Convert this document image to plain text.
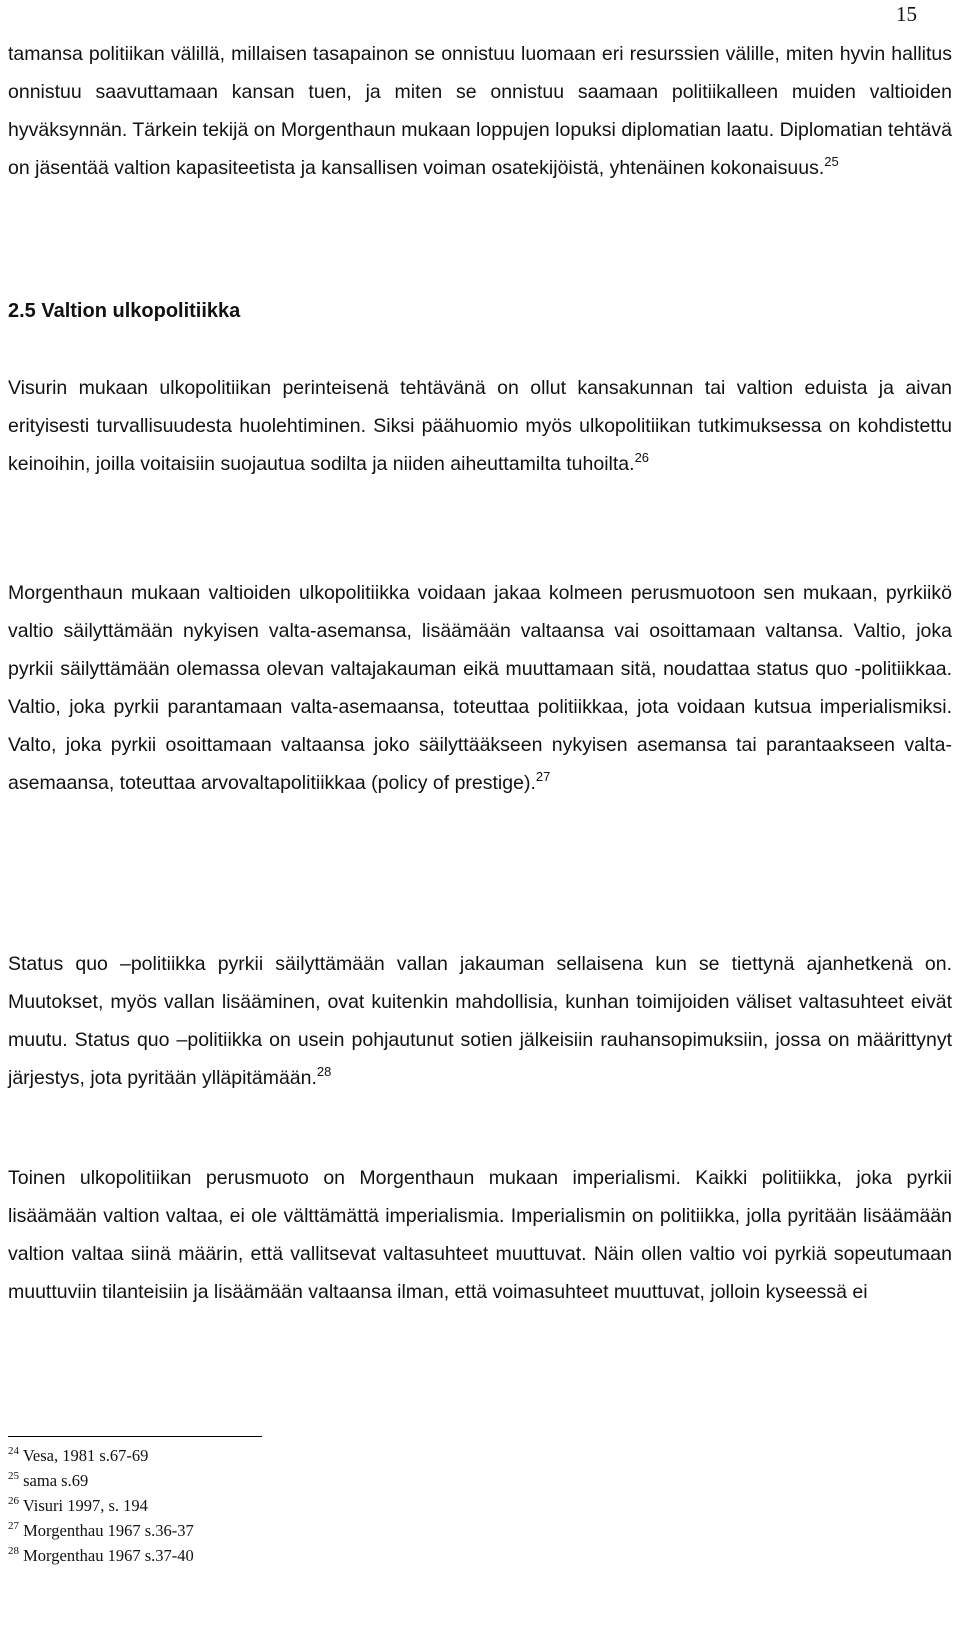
15

tamansa politiikan välillä, millaisen tasapainon se onnistuu luomaan eri resurssien välille, miten hyvin hallitus onnistuu saavuttamaan kansan tuen, ja miten se onnistuu saamaan politiikalleen muiden valtioiden hyväksynnän. Tärkein tekijä on Morgenthaun mukaan loppujen lopuksi diplomatian laatu. Diplomatian tehtävä on jäsentää valtion kapasiteetista ja kansallisen voiman osatekijöistä, yhtenäinen kokonaisuus.$^{25}$

2.5 Valtion ulkopolitiikka

Visurin mukaan ulkopolitiikan perinteisenä tehtävänä on ollut kansakunnan tai valtion eduista ja aivan erityisesti turvallisuudesta huolehtiminen. Siksi päähuomio myös ulkopolitiikan tutkimuksessa on kohdistettu keinoihin, joilla voitaisiin suojautua sodilta ja niiden aiheuttamilta tuhoilta.$^{26}$

Morgenthaun mukaan valtioiden ulkopolitiikka voidaan jakaa kolmeen perusmuotoon sen mukaan, pyrkiikö valtio säilyttämään nykyisen valta-asemansa, lisäämään valtaansa vai osoittamaan valtansa. Valtio, joka pyrkii säilyttämään olemassa olevan valtajakauman eikä muuttamaan sitä, noudattaa status quo -politiikkaa. Valtio, joka pyrkii parantamaan valta-asemaansa, toteuttaa politiikkaa, jota voidaan kutsua imperialismiksi. Valto, joka pyrkii osoittamaan valtaansa joko säilyttääkseen nykyisen asemansa tai parantaakseen valta-asemaansa, toteuttaa arvovaltapolitiikkaa (policy of prestige).$^{27}$

Status quo –politiikka pyrkii säilyttämään vallan jakauman sellaisena kun se tiettynä ajanhetkenä on. Muutokset, myös vallan lisääminen, ovat kuitenkin mahdollisia, kunhan toimijoiden väliset valtasuhteet eivät muutu. Status quo –politiikka on usein pohjautunut sotien jälkeisiin rauhansopimuksiin, jossa on määrittynyt järjestys, jota pyritään ylläpitämään.$^{28}$

Toinen ulkopolitiikan perusmuoto on Morgenthaun mukaan imperialismi. Kaikki politiikka, joka pyrkii lisäämään valtion valtaa, ei ole välttämättä imperialismia. Imperialismin on politiikka, jolla pyritään lisäämään valtion valtaa siinä määrin, että vallitsevat valtasuhteet muuttuvat. Näin ollen valtio voi pyrkiä sopeutumaan muuttuviin tilanteisiin ja lisäämään valtaansa ilman, että voimasuhteet muuttuvat, jolloin kyseessä ei

$^{24}$ Vesa, 1981 s.67-69
$^{25}$ sama s.69
$^{26}$ Visuri 1997, s. 194
$^{27}$ Morgenthau 1967 s.36-37
$^{28}$ Morgenthau 1967 s.37-40
